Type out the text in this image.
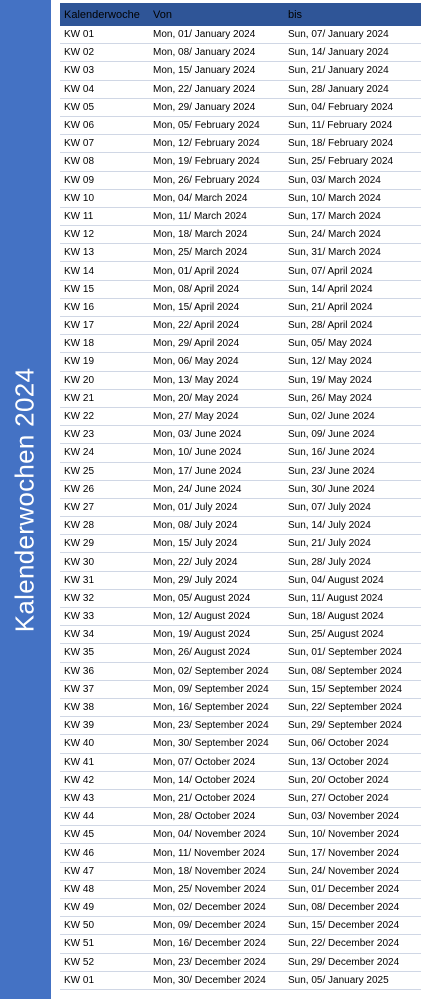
Kalenderwochen 2024
Kalenderwoche	Von	bis
KW 01	Mon, 01/ January 2024	Sun, 07/ January 2024
KW 02	Mon, 08/ January 2024	Sun, 14/ January 2024
KW 03	Mon, 15/ January 2024	Sun, 21/ January 2024
KW 04	Mon, 22/ January 2024	Sun, 28/ January 2024
KW 05	Mon, 29/ January 2024	Sun, 04/ February 2024
KW 06	Mon, 05/ February 2024	Sun, 11/ February 2024
KW 07	Mon, 12/ February 2024	Sun, 18/ February 2024
KW 08	Mon, 19/ February 2024	Sun, 25/ February 2024
KW 09	Mon, 26/ February 2024	Sun, 03/ March 2024
KW 10	Mon, 04/ March 2024	Sun, 10/ March 2024
KW 11	Mon, 11/ March 2024	Sun, 17/ March 2024
KW 12	Mon, 18/ March 2024	Sun, 24/ March 2024
KW 13	Mon, 25/ March 2024	Sun, 31/ March 2024
KW 14	Mon, 01/ April 2024	Sun, 07/ April 2024
KW 15	Mon, 08/ April 2024	Sun, 14/ April 2024
KW 16	Mon, 15/ April 2024	Sun, 21/ April 2024
KW 17	Mon, 22/ April 2024	Sun, 28/ April 2024
KW 18	Mon, 29/ April 2024	Sun, 05/ May 2024
KW 19	Mon, 06/ May 2024	Sun, 12/ May 2024
KW 20	Mon, 13/ May 2024	Sun, 19/ May 2024
KW 21	Mon, 20/ May 2024	Sun, 26/ May 2024
KW 22	Mon, 27/ May 2024	Sun, 02/ June 2024
KW 23	Mon, 03/ June 2024	Sun, 09/ June 2024
KW 24	Mon, 10/ June 2024	Sun, 16/ June 2024
KW 25	Mon, 17/ June 2024	Sun, 23/ June 2024
KW 26	Mon, 24/ June 2024	Sun, 30/ June 2024
KW 27	Mon, 01/ July 2024	Sun, 07/ July 2024
KW 28	Mon, 08/ July 2024	Sun, 14/ July 2024
KW 29	Mon, 15/ July 2024	Sun, 21/ July 2024
KW 30	Mon, 22/ July 2024	Sun, 28/ July 2024
KW 31	Mon, 29/ July 2024	Sun, 04/ August 2024
KW 32	Mon, 05/ August 2024	Sun, 11/ August 2024
KW 33	Mon, 12/ August 2024	Sun, 18/ August 2024
KW 34	Mon, 19/ August 2024	Sun, 25/ August 2024
KW 35	Mon, 26/ August 2024	Sun, 01/ September 2024
KW 36	Mon, 02/ September 2024	Sun, 08/ September 2024
KW 37	Mon, 09/ September 2024	Sun, 15/ September 2024
KW 38	Mon, 16/ September 2024	Sun, 22/ September 2024
KW 39	Mon, 23/ September 2024	Sun, 29/ September 2024
KW 40	Mon, 30/ September 2024	Sun, 06/ October 2024
KW 41	Mon, 07/ October 2024	Sun, 13/ October 2024
KW 42	Mon, 14/ October 2024	Sun, 20/ October 2024
KW 43	Mon, 21/ October 2024	Sun, 27/ October 2024
KW 44	Mon, 28/ October 2024	Sun, 03/ November 2024
KW 45	Mon, 04/ November 2024	Sun, 10/ November 2024
KW 46	Mon, 11/ November 2024	Sun, 17/ November 2024
KW 47	Mon, 18/ November 2024	Sun, 24/ November 2024
KW 48	Mon, 25/ November 2024	Sun, 01/ December 2024
KW 49	Mon, 02/ December 2024	Sun, 08/ December 2024
KW 50	Mon, 09/ December 2024	Sun, 15/ December 2024
KW 51	Mon, 16/ December 2024	Sun, 22/ December 2024
KW 52	Mon, 23/ December 2024	Sun, 29/ December 2024
KW 01	Mon, 30/ December 2024	Sun, 05/ January 2025
